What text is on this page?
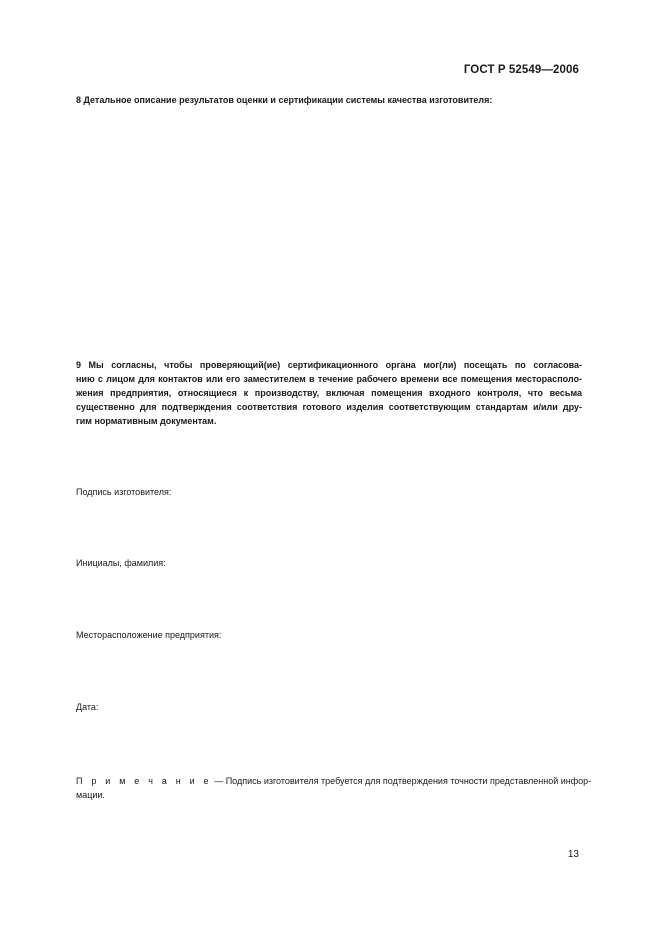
ГОСТ Р 52549—2006
8 Детальное описание результатов оценки и сертификации системы качества изготовителя:
9 Мы согласны, чтобы проверяющий(ие) сертификационного органа мог(ли) посещать по согласова-
нию с лицом для контактов или его заместителем в течение рабочего времени все помещения месторасполо-
жения предприятия, относящиеся к производству, включая помещения входного контроля, что весьма
существенно для подтверждения соответствия готового изделия соответствующим стандартам и/или дру-
гим нормативным документам.
Подпись изготовителя:
Инициалы, фамилия:
Месторасположение предприятия:
Дата:
П р и м е ч а н и е — Подпись изготовителя требуется для подтверждения точности представленной инфор-
мации.
13
